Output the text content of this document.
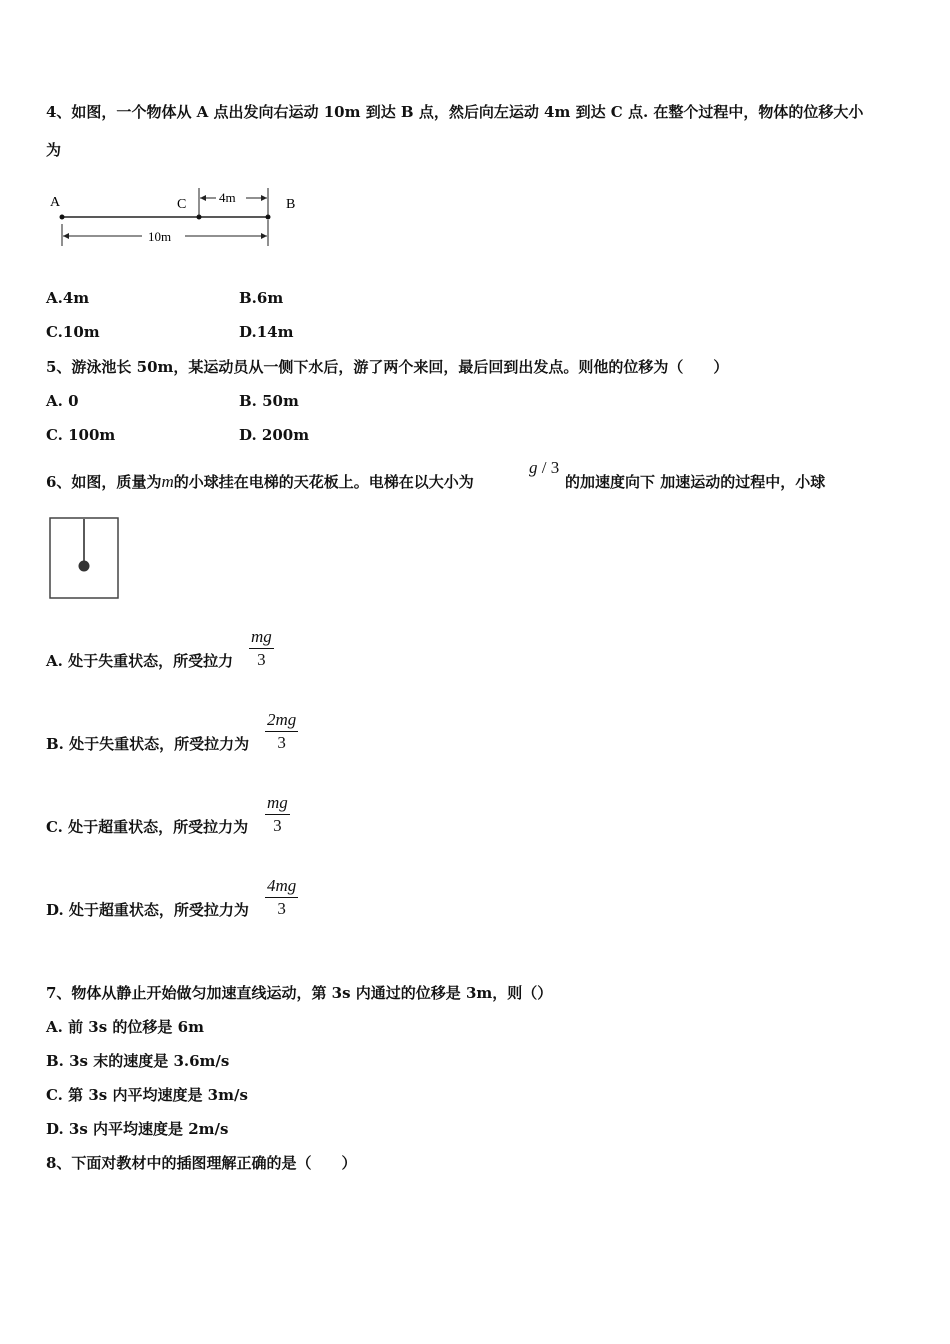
4、如图，一个物体从 A 点出发向右运动 10m 到达 B 点，然后向左运动 4m 到达 C 点. 在整个过程中，物体的位移大小
为
A	C	B
4m
10m
A.4m	B.6m
C.10m	D.14m
5、游泳池长 50m，某运动员从一侧下水后，游了两个来回，最后回到出发点。则他的位移为（　　）
A. 0	B. 50m
C. 100m	D. 200m
6、如图，质量为m的小球挂在电梯的天花板上。电梯在以大小为
g / 3
的加速度向下 加速运动的过程中，小球
A. 处于失重状态，所受拉力 $\frac{mg}{3}$
B. 处于失重状态，所受拉力为 $\frac{2mg}{3}$
C. 处于超重状态，所受拉力为 $\frac{mg}{3}$
D. 处于超重状态，所受拉力为 $\frac{4mg}{3}$
7、物体从静止开始做匀加速直线运动，第 3s 内通过的位移是 3m，则（）
A. 前 3s 的位移是 6m
B. 3s 末的速度是 3.6m/s
C. 第 3s 内平均速度是 3m/s
D. 3s 内平均速度是 2m/s
8、下面对教材中的插图理解正确的是（　　）
